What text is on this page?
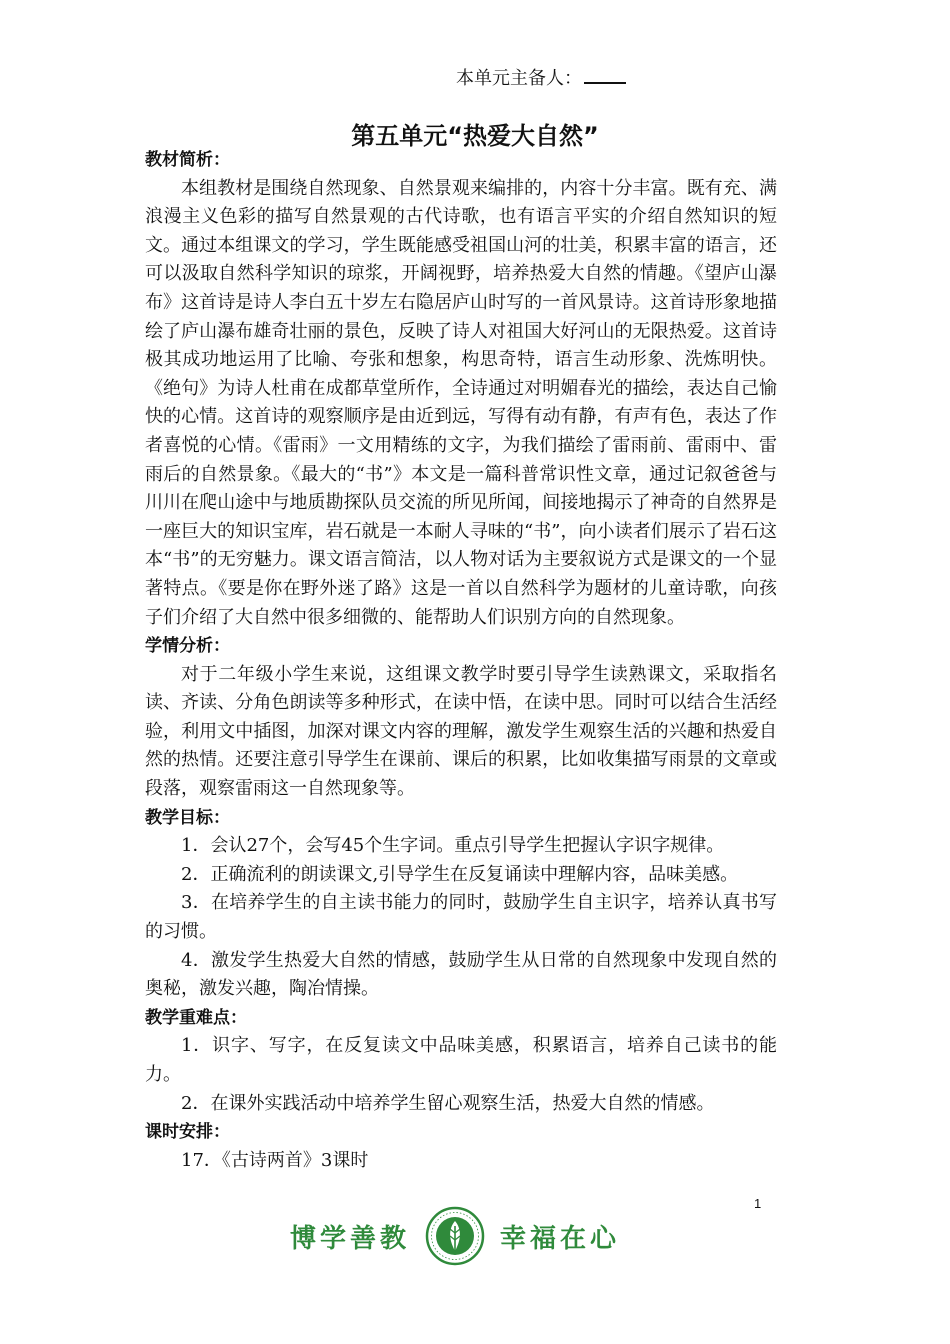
本单元主备人：
第五单元“热爱大自然”
教材简析：

本组教材是围绕自然现象、自然景观来编排的，内容十分丰富。既有充、满浪漫主义色彩的描写自然景观的古代诗歌，也有语言平实的介绍自然知识的短文。通过本组课文的学习，学生既能感受祖国山河的壮美，积累丰富的语言，还可以汲取自然科学知识的琼浆，开阔视野，培养热爱大自然的情趣。《望庐山瀑布》这首诗是诗人李白五十岁左右隐居庐山时写的一首风景诗。这首诗形象地描绘了庐山瀑布雄奇壮丽的景色，反映了诗人对祖国大好河山的无限热爱。这首诗极其成功地运用了比喻、夸张和想象，构思奇特，语言生动形象、洗炼明快。《绝句》为诗人杜甫在成都草堂所作，全诗通过对明媚春光的描绘，表达自己愉快的心情。这首诗的观察顺序是由近到远，写得有动有静，有声有色，表达了作者喜悦的心情。《雷雨》一文用精练的文字，为我们描绘了雷雨前、雷雨中、雷雨后的自然景象。《最大的“书”》本文是一篇科普常识性文章，通过记叙爸爸与川川在爬山途中与地质勘探队员交流的所见所闻，间接地揭示了神奇的自然界是一座巨大的知识宝库，岩石就是一本耐人寻味的“书”，向小读者们展示了岩石这本“书”的无穷魅力。课文语言简洁，以人物对话为主要叙说方式是课文的一个显著特点。《要是你在野外迷了路》这是一首以自然科学为题材的儿童诗歌，向孩子们介绍了大自然中很多细微的、能帮助人们识别方向的自然现象。

学情分析：

对于二年级小学生来说，这组课文教学时要引导学生读熟课文，采取指名读、齐读、分角色朗读等多种形式，在读中悟，在读中思。同时可以结合生活经验，利用文中插图，加深对课文内容的理解，激发学生观察生活的兴趣和热爱自然的热情。还要注意引导学生在课前、课后的积累，比如收集描写雨景的文章或段落，观察雷雨这一自然现象等。

教学目标：

1．会认27个，会写45个生字词。重点引导学生把握认字识字规律。

2．正确流利的朗读课文,引导学生在反复诵读中理解内容，品味美感。

3．在培养学生的自主读书能力的同时，鼓励学生自主识字，培养认真书写的习惯。

4．激发学生热爱大自然的情感，鼓励学生从日常的自然现象中发现自然的奥秘，激发兴趣，陶冶情操。

教学重难点：

1．识字、写字，在反复读文中品味美感，积累语言，培养自己读书的能力。

2．在课外实践活动中培养学生留心观察生活，热爱大自然的情感。

课时安排：

17．《古诗两首》3课时

1
博学善教	幸福在心
